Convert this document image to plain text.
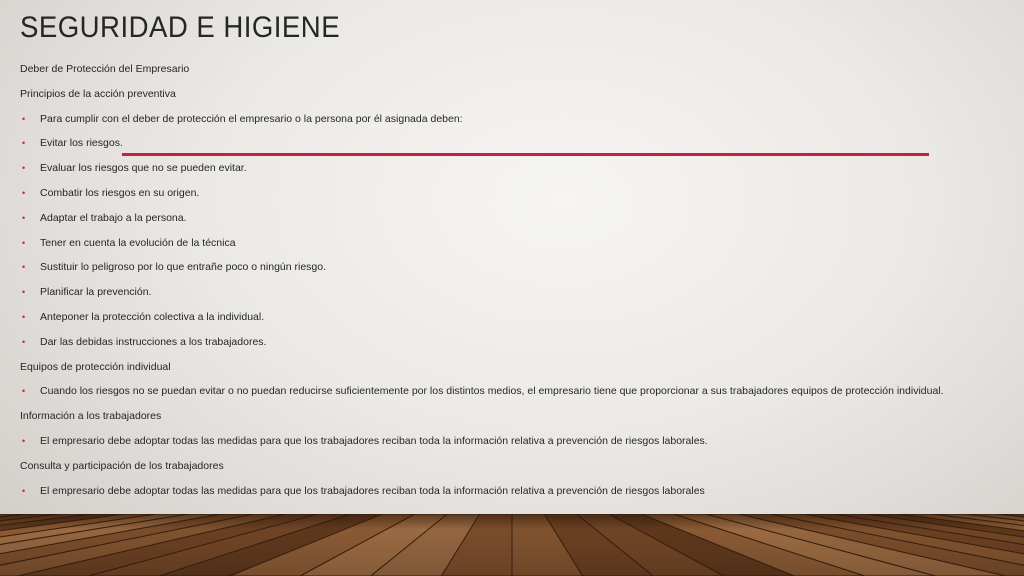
SEGURIDAD E HIGIENE
Deber de Protección del Empresario
Principios de la acción preventiva
• Para cumplir con el deber de protección el empresario o la persona por él asignada deben:
• Evitar los riesgos.
• Evaluar los riesgos que no se pueden evitar.
• Combatir los riesgos en su origen.
• Adaptar el trabajo a la persona.
• Tener en cuenta la evolución de la técnica
• Sustituir lo peligroso por lo que entrañe poco o ningún riesgo.
• Planificar la prevención.
• Anteponer la protección colectiva a la individual.
• Dar las debidas instrucciones a los trabajadores.
Equipos de protección individual
• Cuando los riesgos no se puedan evitar o no puedan reducirse suficientemente por los distintos medios, el empresario tiene que proporcionar a sus trabajadores equipos de protección individual.
Información a los trabajadores
• El empresario debe adoptar todas las medidas para que los trabajadores reciban toda la información relativa a prevención de riesgos laborales.
Consulta y participación de los trabajadores
• El empresario debe adoptar todas las medidas para que los trabajadores reciban toda la información relativa a prevención de riesgos laborales
